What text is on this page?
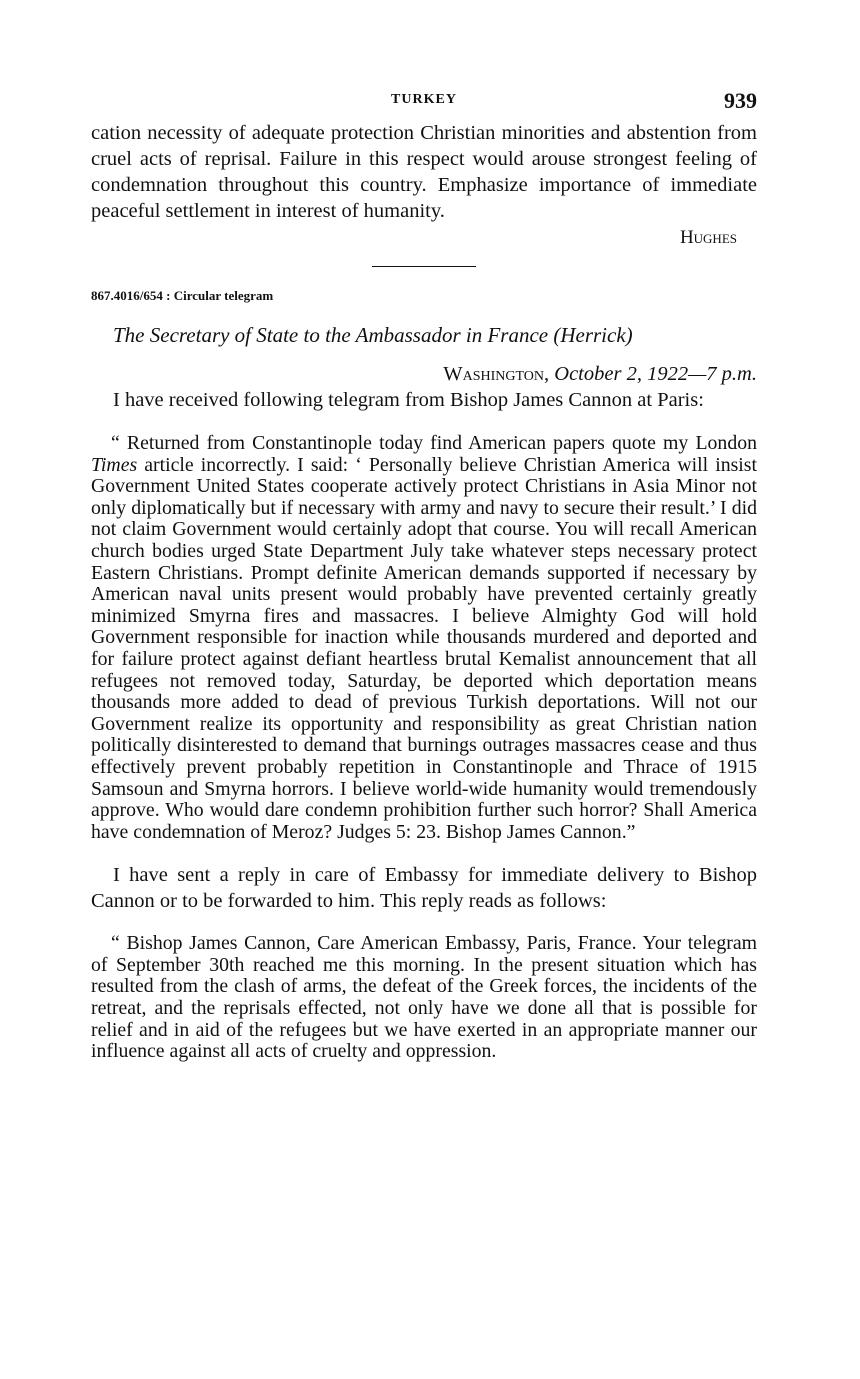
TURKEY	939

cation necessity of adequate protection Christian minorities and abstention from cruel acts of reprisal. Failure in this respect would arouse strongest feeling of condemnation throughout this country. Emphasize importance of immediate peaceful settlement in interest of humanity.

Hughes
867.4016/654 : Circular telegram
The Secretary of State to the Ambassador in France (Herrick)
Washington, October 2, 1922—7 p.m.

I have received following telegram from Bishop James Cannon at Paris:

“ Returned from Constantinople today find American papers quote my London Times article incorrectly. I said: ‘ Personally believe Christian America will insist Government United States cooperate actively protect Christians in Asia Minor not only diplomatically but if necessary with army and navy to secure their result.’ I did not claim Government would certainly adopt that course. You will recall American church bodies urged State Department July take whatever steps necessary protect Eastern Christians. Prompt definite American demands supported if necessary by American naval units present would probably have prevented certainly greatly minimized Smyrna fires and massacres. I believe Almighty God will hold Government responsible for inaction while thousands murdered and deported and for failure protect against defiant heartless brutal Kemalist announcement that all refugees not removed today, Saturday, be deported which deportation means thousands more added to dead of previous Turkish deportations. Will not our Government realize its opportunity and responsibility as great Christian nation politically disinterested to demand that burnings outrages massacres cease and thus effectively prevent probably repetition in Constantinople and Thrace of 1915 Samsoun and Smyrna horrors. I believe world-wide humanity would tremendously approve. Who would dare condemn prohibition further such horror? Shall America have condemnation of Meroz? Judges 5: 23. Bishop James Cannon.”

I have sent a reply in care of Embassy for immediate delivery to Bishop Cannon or to be forwarded to him. This reply reads as follows:

“ Bishop James Cannon, Care American Embassy, Paris, France. Your telegram of September 30th reached me this morning. In the present situation which has resulted from the clash of arms, the defeat of the Greek forces, the incidents of the retreat, and the reprisals effected, not only have we done all that is possible for relief and in aid of the refugees but we have exerted in an appropriate manner our influence against all acts of cruelty and oppression.
